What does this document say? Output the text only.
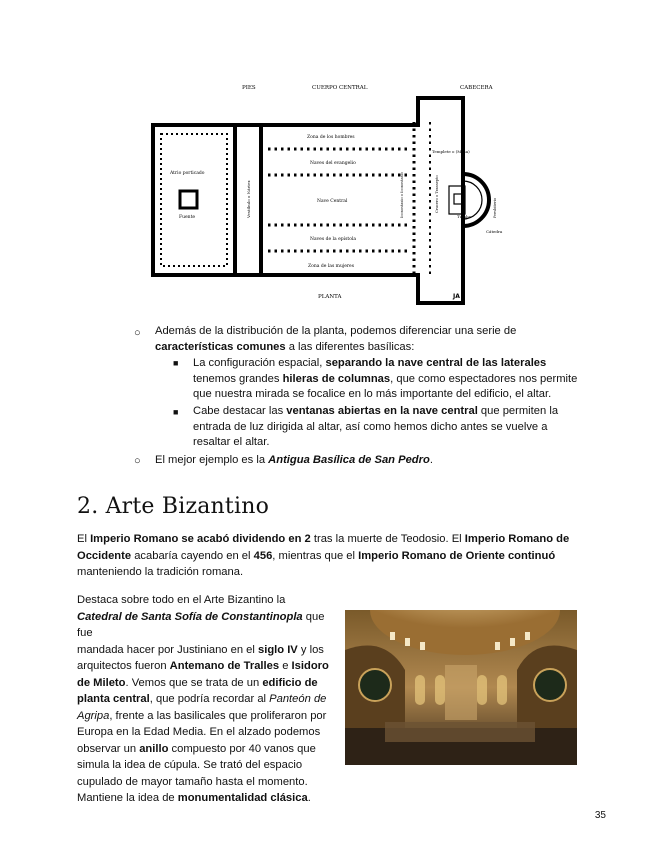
PIES	CUERPO CENTRAL	CABECERA
Atrio porticado
Fuente	Vestíbulo o Nártex
Zona de los hombres
Naves del evangelio
Nave Central
Naves de la epístola
Zona de las mujeres
Iconostasio o Iconostasio	Crucero o Transepto
Templete o (Mesa)
Tumba	Presbiterio
Cátedra
PLANTA	JA
○ Además de la distribución de la planta, podemos diferenciar una serie de
características comunes a las diferentes basílicas:
■ La configuración espacial, separando la nave central de las laterales
tenemos grandes hileras de columnas, que como espectadores nos permite
que nuestra mirada se focalice en lo más importante del edificio, el altar.
■ Cabe destacar las ventanas abiertas en la nave central que permiten la
entrada de luz dirigida al altar, así como hemos dicho antes se vuelve a
resaltar el altar.
○ El mejor ejemplo es la Antigua Basílica de San Pedro.
2. Arte Bizantino
El Imperio Romano se acabó dividendo en 2 tras la muerte de Teodosio. El Imperio Romano de
Occidente acabaría cayendo en el 456, mientras que el Imperio Romano de Oriente continuó
manteniendo la tradición romana.
Destaca sobre todo en el Arte Bizantino la
Catedral de Santa Sofía de Constantinopla que fue
mandada hacer por Justiniano en el siglo IV y los
arquitectos fueron Antemano de Tralles e Isidoro
de Mileto. Vemos que se trata de un edificio de
planta central, que podría recordar al Panteón de
Agripa, frente a las basilicales que proliferaron por
Europa en la Edad Media. En el alzado podemos
observar un anillo compuesto por 40 vanos que
simula la idea de cúpula. Se trató del espacio
cupulado de mayor tamaño hasta el momento.
Mantiene la idea de monumentalidad clásica.
35
